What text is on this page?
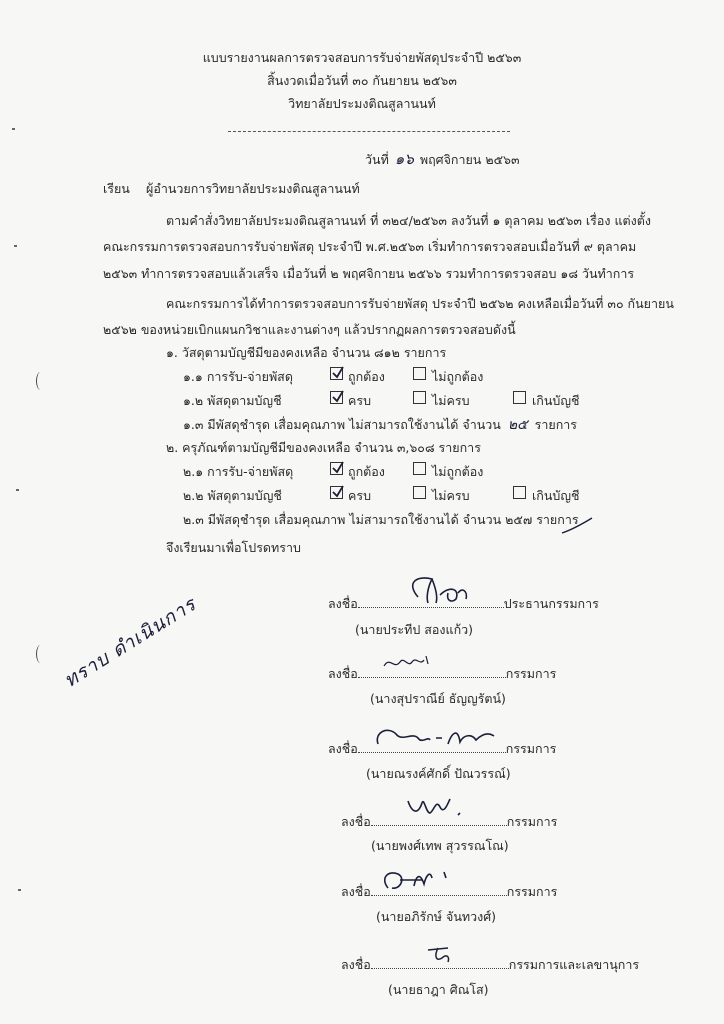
แบบรายงานผลการตรวจสอบการรับจ่ายพัสดุประจำปี ๒๕๖๓
สิ้นงวดเมื่อวันที่ ๓๐ กันยายน ๒๕๖๓
วิทยาลัยประมงติณสูลานนท์
วันที่ ๑๖ พฤศจิกายน ๒๕๖๓
เรียน ผู้อำนวยการวิทยาลัยประมงติณสูลานนท์
ตามคำสั่งวิทยาลัยประมงติณสูลานนท์ ที่ ๓๒๔/๒๕๖๓ ลงวันที่ ๑ ตุลาคม ๒๕๖๓ เรื่อง แต่งตั้ง
คณะกรรมการตรวจสอบการรับจ่ายพัสดุ ประจำปี พ.ศ.๒๕๖๓ เริ่มทำการตรวจสอบเมื่อวันที่ ๙ ตุลาคม
๒๕๖๓ ทำการตรวจสอบแล้วเสร็จ เมื่อวันที่ ๒ พฤศจิกายน ๒๕๖๖ รวมทำการตรวจสอบ ๑๘ วันทำการ
คณะกรรมการได้ทำการตรวจสอบการรับจ่ายพัสดุ ประจำปี ๒๕๖๒ คงเหลือเมื่อวันที่ ๓๐ กันยายน
๒๕๖๒ ของหน่วยเบิกแผนกวิชาและงานต่างๆ แล้วปรากฏผลการตรวจสอบดังนี้
๑. วัสดุตามบัญชีมีของคงเหลือ จำนวน ๘๑๒ รายการ
๑.๑ การรับ-จ่ายพัสดุ	ถูกต้อง	ไม่ถูกต้อง
๑.๒ พัสดุตามบัญชี	ครบ	ไม่ครบ	เกินบัญชี
๑.๓ มีพัสดุชำรุด เสื่อมคุณภาพ ไม่สามารถใช้งานได้ จำนวน ๒๕ รายการ
๒. ครุภัณฑ์ตามบัญชีมีของคงเหลือ จำนวน ๓,๖๐๘ รายการ
๒.๑ การรับ-จ่ายพัสดุ	ถูกต้อง	ไม่ถูกต้อง
๒.๒ พัสดุตามบัญชี	ครบ	ไม่ครบ	เกินบัญชี
๒.๓ มีพัสดุชำรุด เสื่อมคุณภาพ ไม่สามารถใช้งานได้ จำนวน ๒๕๗ รายการ
จึงเรียนมาเพื่อโปรดทราบ
ลงชื่อ	ประธานกรรมการ
(นายประทีป สองแก้ว)
ลงชื่อ	กรรมการ
(นางสุปราณีย์ ธัญญรัตน์)
ลงชื่อ	กรรมการ
(นายณรงค์ศักดิ์ ปัณวรรณ์)
ลงชื่อ	กรรมการ
(นายพงศ์เทพ สุวรรณโณ)
ลงชื่อ	กรรมการ
(นายอภิรักษ์ จันทวงศ์)
ลงชื่อ	กรรมการและเลขานุการ
(นายธาฎา ศิณโส)
ทราบ ดำเนินการ
